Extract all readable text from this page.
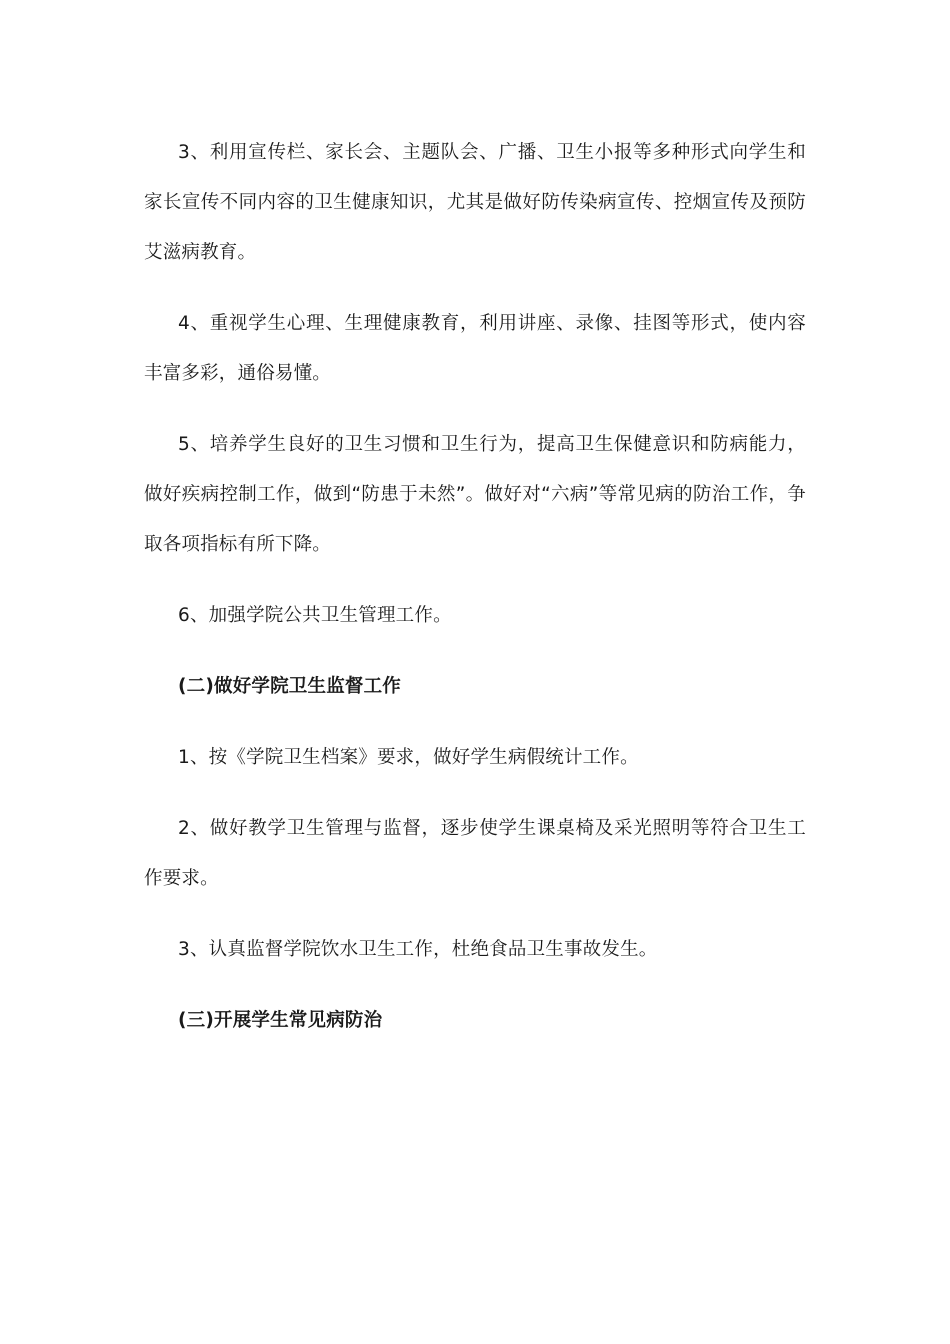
3、利用宣传栏、家长会、主题队会、广播、卫生小报等多种形式向学生和家长宣传不同内容的卫生健康知识，尤其是做好防传染病宣传、控烟宣传及预防艾滋病教育。

4、重视学生心理、生理健康教育，利用讲座、录像、挂图等形式，使内容丰富多彩，通俗易懂。

5、培养学生良好的卫生习惯和卫生行为，提高卫生保健意识和防病能力，做好疾病控制工作，做到“防患于未然”。做好对“六病”等常见病的防治工作，争取各项指标有所下降。

6、加强学院公共卫生管理工作。

(二)做好学院卫生监督工作

1、按《学院卫生档案》要求，做好学生病假统计工作。

2、做好教学卫生管理与监督，逐步使学生课桌椅及采光照明等符合卫生工作要求。

3、认真监督学院饮水卫生工作，杜绝食品卫生事故发生。

(三)开展学生常见病防治
